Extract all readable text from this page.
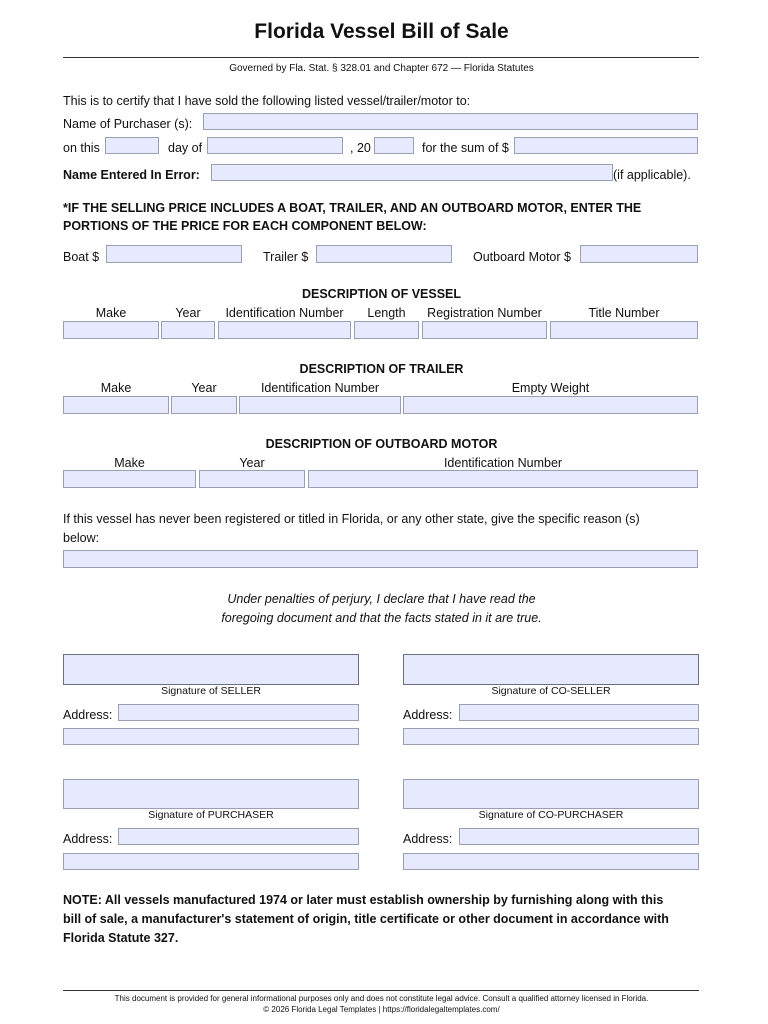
Florida Vessel Bill of Sale
Governed by Fla. Stat. § 328.01 and Chapter 672 — Florida Statutes
This is to certify that I have sold the following listed vessel/trailer/motor to:
Name of Purchaser (s):
on this	day of	, 20	for the sum of $
Name Entered In Error:	(if applicable).
*IF THE SELLING PRICE INCLUDES A BOAT, TRAILER, AND AN OUTBOARD MOTOR, ENTER THE
PORTIONS OF THE PRICE FOR EACH COMPONENT BELOW:
Boat $	Trailer $	Outboard Motor $
DESCRIPTION OF VESSEL
Make	Year	Identification Number	Length	Registration Number	Title Number
DESCRIPTION OF TRAILER
Make	Year	Identification Number	Empty Weight
DESCRIPTION OF OUTBOARD MOTOR
Make	Year	Identification Number
If this vessel has never been registered or titled in Florida, or any other state, give the specific reason (s)
below:
Under penalties of perjury, I declare that I have read the
foregoing document and that the facts stated in it are true.
Signature of SELLER	Signature of CO-SELLER
Address:	Address:
Signature of PURCHASER	Signature of CO-PURCHASER
Address:	Address:
NOTE: All vessels manufactured 1974 or later must establish ownership by furnishing along with this
bill of sale, a manufacturer's statement of origin, title certificate or other document in accordance with
Florida Statute 327.
This document is provided for general informational purposes only and does not constitute legal advice. Consult a qualified attorney licensed in Florida.
© 2026 Florida Legal Templates | https://floridalegaltemplates.com/
